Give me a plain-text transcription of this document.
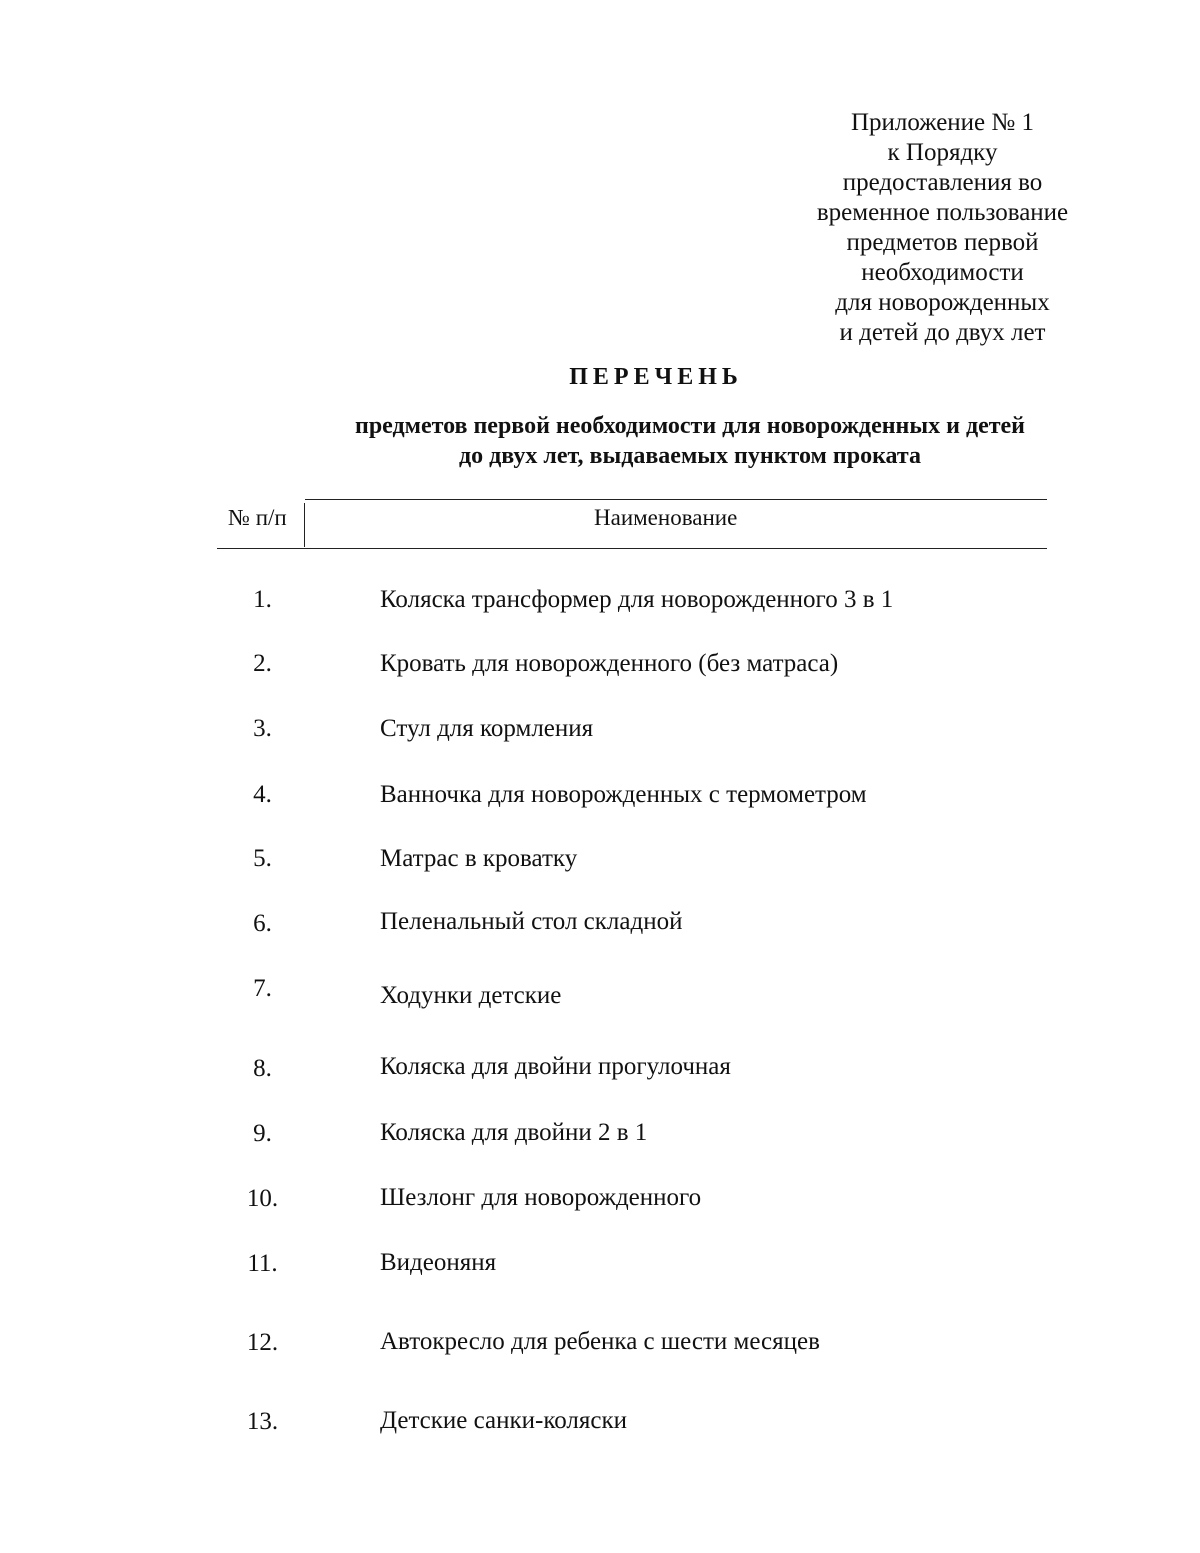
Приложение № 1
к Порядку
предоставления во
временное пользование
предметов первой
необходимости
для новорожденных
и детей до двух лет
ПЕРЕЧЕНЬ
предметов первой необходимости для новорожденных и детей
до двух лет, выдаваемых пунктом проката
№ п/п	Наименование
1.	Коляска трансформер для новорожденного 3 в 1
2.	Кровать для новорожденного (без матраса)
3.	Стул для кормления
4.	Ванночка для новорожденных с термометром
5.	Матрас в кроватку
6.	Пеленальный стол складной
7.	Ходунки детские
8.	Коляска для двойни прогулочная
9.	Коляска для двойни 2 в 1
10.	Шезлонг для новорожденного
11.	Видеоняня
12.	Автокресло для ребенка с шести месяцев
13.	Детские санки-коляски
